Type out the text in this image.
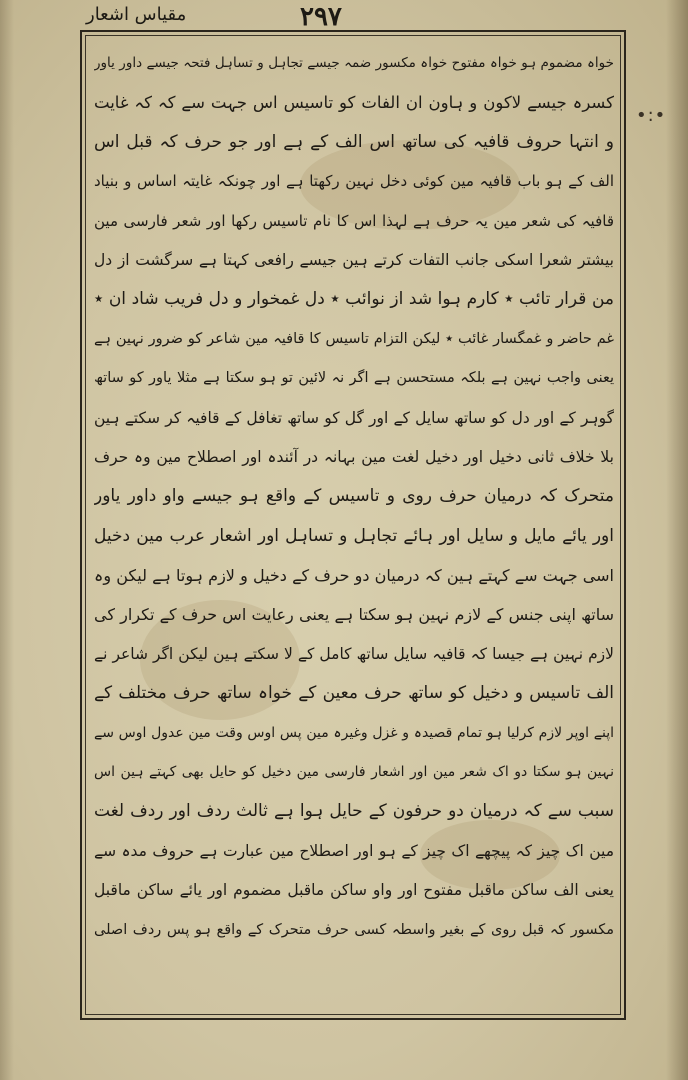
۲۹۷
مقیاس اشعار
•:•
خواہ مضموم ہو خواہ مفتوح خواہ مکسور ضمہ جیسے تجاہل و تساہل فتحہ جیسے داور یاور
کسرہ جیسے لاکون و ہاون ان الفات کو تاسیس اس جہت سے کہ کہ غایت
و انتہا حروف قافیہ کی ساتھ اس الف کے ہے اور جو حرف کہ قبل اس
الف کے ہو باب قافیہ مین کوئی دخل نہین رکھتا ہے اور چونکہ غایتہ اساس و بنیاد
قافیہ کی شعر مین یہ حرف ہے لہذا اس کا نام تاسیس رکھا اور شعر فارسی مین
بیشتر شعرا اسکی جانب التفات کرتے ہین جیسے رافعی کہتا ہے سرگشت از دل
من قرار تائب ٭ کارم ہوا شد از نوائب ٭ دل غمخوار و دل فریب شاد ان ٭
غم حاضر و غمگسار غائب ٭ لیکن التزام تاسیس کا قافیہ مین شاعر کو ضرور نہین ہے
یعنی واجب نہین ہے بلکہ مستحسن ہے اگر نہ لائین تو ہو سکتا ہے مثلا یاور کو ساتھ
گوہر کے اور دل کو ساتھ سایل کے اور گل کو ساتھ تغافل کے قافیہ کر سکتے ہین
بلا خلاف ثانی دخیل اور دخیل لغت مین بہانہ در آئندہ اور اصطلاح مین وہ حرف
متحرک کہ درمیان حرف روی و تاسیس کے واقع ہو جیسے واو داور یاور
اور یائے مایل و سایل اور ہائے تجاہل و تساہل اور اشعار عرب مین دخیل
اسی جہت سے کہتے ہین کہ درمیان دو حرف کے دخیل و لازم ہوتا ہے لیکن وہ
ساتھ اپنی جنس کے لازم نہین ہو سکتا ہے یعنی رعایت اس حرف کے تکرار کی
لازم نہین ہے جیسا کہ قافیہ سایل ساتھ کامل کے لا سکتے ہین لیکن اگر شاعر نے
الف تاسیس و دخیل کو ساتھ حرف معین کے خواہ ساتھ حرف مختلف کے
اپنے اوپر لازم کرلیا ہو تمام قصیدہ و غزل وغیرہ مین پس اوس وقت مین عدول اوس سے
نہین ہو سکتا دو اک شعر مین اور اشعار فارسی مین دخیل کو حایل بھی کہتے ہین اس
سبب سے کہ درمیان دو حرفون کے حایل ہوا ہے ثالث ردف اور ردف لغت
مین اک چیز کہ پیچھے اک چیز کے ہو اور اصطلاح مین عبارت ہے حروف مدہ سے
یعنی الف ساکن ماقبل مفتوح اور واو ساکن ماقبل مضموم اور یائے ساکن ماقبل
مکسور کہ قبل روی کے بغیر واسطہ کسی حرف متحرک کے واقع ہو پس ردف اصلی
